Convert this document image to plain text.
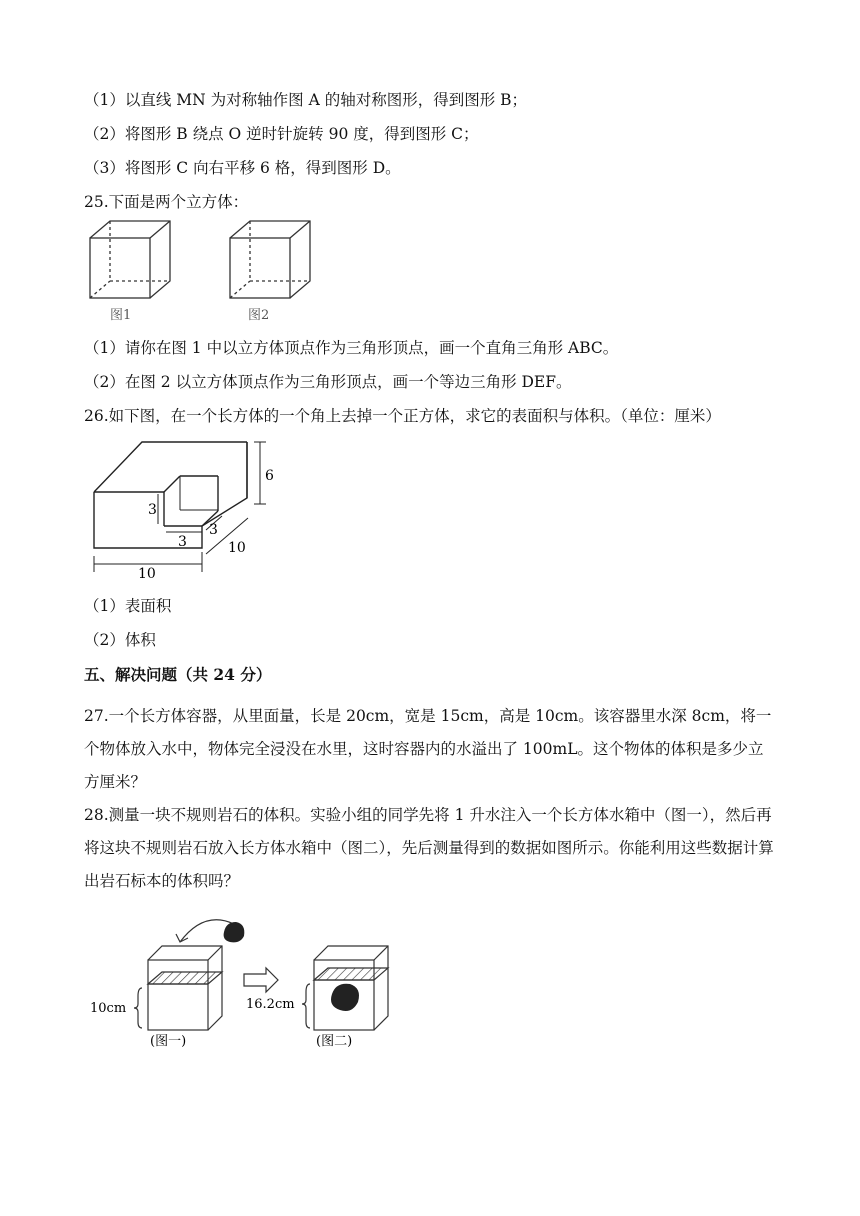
（1）以直线 MN 为对称轴作图 A 的轴对称图形，得到图形 B；
（2）将图形 B 绕点 O 逆时针旋转 90 度，得到图形 C；
（3）将图形 C 向右平移 6 格，得到图形 D。
25.下面是两个立方体：
图1	图2
（1）请你在图 1 中以立方体顶点作为三角形顶点，画一个直角三角形 ABC。
（2）在图 2 以立方体顶点作为三角形顶点，画一个等边三角形 DEF。
26.如下图，在一个长方体的一个角上去掉一个正方体，求它的表面积与体积。（单位：厘米）
6
3
3
3
10
10
（1）表面积
（2）体积
五、解决问题（共 24 分）
27.一个长方体容器，从里面量，长是 20cm，宽是 15cm，高是 10cm。该容器里水深 8cm，将一个物体放入水中，物体完全浸没在水里，这时容器内的水溢出了 100mL。这个物体的体积是多少立方厘米？
28.测量一块不规则岩石的体积。实验小组的同学先将 1 升水注入一个长方体水箱中（图一），然后再将这块不规则岩石放入长方体水箱中（图二），先后测量得到的数据如图所示。你能利用这些数据计算出岩石标本的体积吗？
10cm	16.2cm
(图一)	(图二)
